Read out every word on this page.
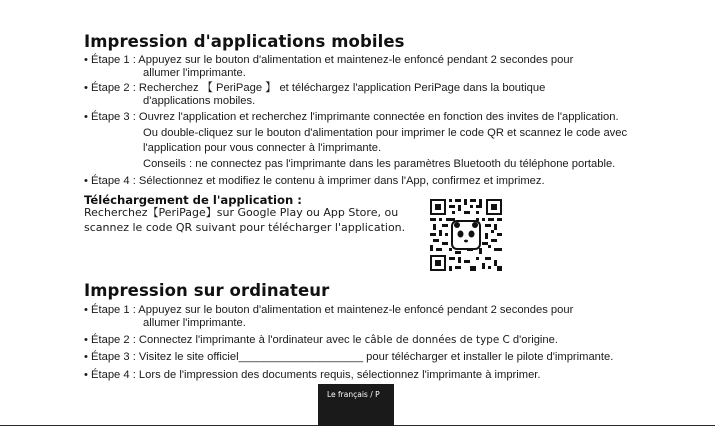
Impression d'applications mobiles
• Étape 1 : Appuyez sur le bouton d'alimentation et maintenez-le enfoncé pendant 2 secondes pour
allumer l'imprimante.
• Étape 2 : Recherchez 【 PeriPage 】 et téléchargez l'application PeriPage dans la boutique
d'applications mobiles.
• Étape 3 : Ouvrez l'application et recherchez l'imprimante connectée en fonction des invites de l'application.
Ou double-cliquez sur le bouton d'alimentation pour imprimer le code QR et scannez le code avec
l'application pour vous connecter à l'imprimante.
Conseils : ne connectez pas l'imprimante dans les paramètres Bluetooth du téléphone portable.
• Étape 4 : Sélectionnez et modifiez le contenu à imprimer dans l'App, confirmez et imprimez.
Téléchargement de l'application :
Recherchez【PeriPage】sur Google Play ou App Store, ou
scannez le code QR suivant pour télécharger l'application.
Impression sur ordinateur
• Étape 1 : Appuyez sur le bouton d'alimentation et maintenez-le enfoncé pendant 2 secondes pour
allumer l'imprimante.
• Étape 2 : Connectez l'imprimante à l'ordinateur avec le câble de données de type C d'origine.
• Étape 3 : Visitez le site officiel____________________ pour télécharger et installer le pilote d'imprimante.
• Étape 4 : Lors de l'impression des documents requis, sélectionnez l'imprimante à imprimer.
Le français / P
